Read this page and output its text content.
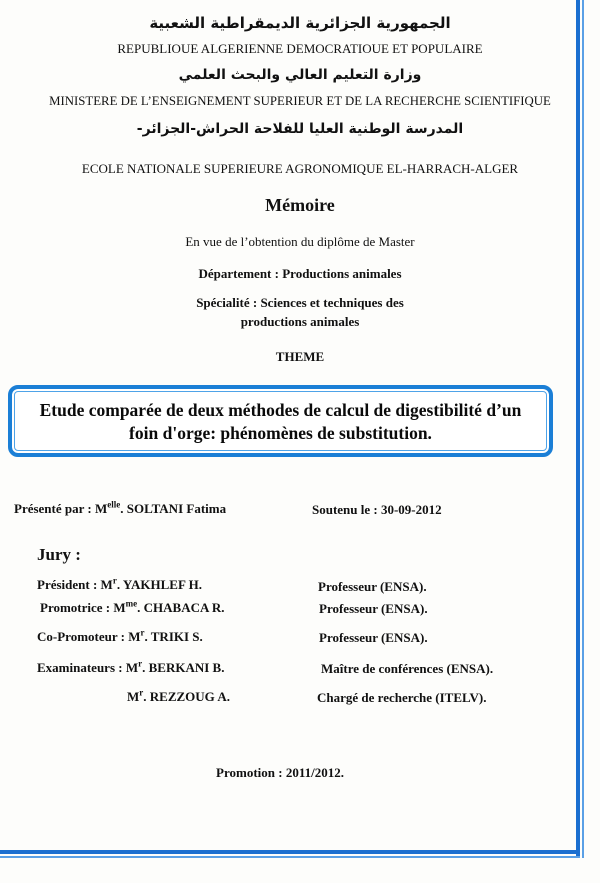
الجمهورية الجزائرية الديمقراطية الشعبية
REPUBLIOUE ALGERIENNE DEMOCRATIOUE ET POPULAIRE
وزارة التعليم العالي والبحث العلمي
MINISTERE DE L’ENSEIGNEMENT SUPERIEUR ET DE LA RECHERCHE SCIENTIFIQUE
المدرسة الوطنية العليا للفلاحة الحراش-الجزائر-
ECOLE NATIONALE SUPERIEURE AGRONOMIQUE EL-HARRACH-ALGER
Mémoire
En vue de l’obtention du diplôme de Master
Département : Productions animales
Spécialité : Sciences et techniques des
productions animales
THEME
Etude comparée de deux méthodes de calcul de digestibilité d’un
foin d'orge: phénomènes de substitution.
Présenté par : $M^{elle}$. SOLTANI Fatima	Soutenu le : 30-09-2012
Jury :
Président : $M^r$. YAKHLEF H.	Professeur (ENSA).
Promotrice : $M^{me}$. CHABACA R.	Professeur (ENSA).
Co-Promoteur : $M^r$. TRIKI S.	Professeur (ENSA).
Examinateurs : $M^r$. BERKANI B.	Maître de conférences (ENSA).
$M^r$. REZZOUG A.	Chargé de recherche (ITELV).
Promotion : 2011/2012.
